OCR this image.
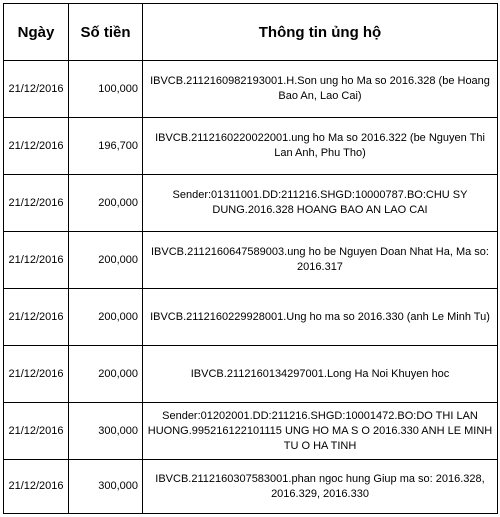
Ngày	Số tiền	Thông tin ủng hộ
21/12/2016	100,000	IBVCB.2112160982193001.H.Son ung ho Ma so 2016.328 (be Hoang Bao An, Lao Cai)
21/12/2016	196,700	IBVCB.2112160220022001.ung ho Ma so 2016.322 (be Nguyen Thi Lan Anh, Phu Tho)
21/12/2016	200,000	Sender:01311001.DD:211216.SHGD:10000787.BO:CHU SY DUNG.2016.328 HOANG BAO AN LAO CAI
21/12/2016	200,000	IBVCB.2112160647589003.ung ho be Nguyen Doan Nhat Ha, Ma so: 2016.317
21/12/2016	200,000	IBVCB.2112160229928001.Ung ho ma so 2016.330 (anh Le Minh Tu)
21/12/2016	200,000	IBVCB.2112160134297001.Long Ha Noi Khuyen hoc
21/12/2016	300,000	Sender:01202001.DD:211216.SHGD:10001472.BO:DO THI LAN HUONG.995216122101115 UNG HO MA S O 2016.330 ANH LE MINH TU O HA TINH
21/12/2016	300,000	IBVCB.2112160307583001.phan ngoc hung Giup ma so: 2016.328, 2016.329, 2016.330
